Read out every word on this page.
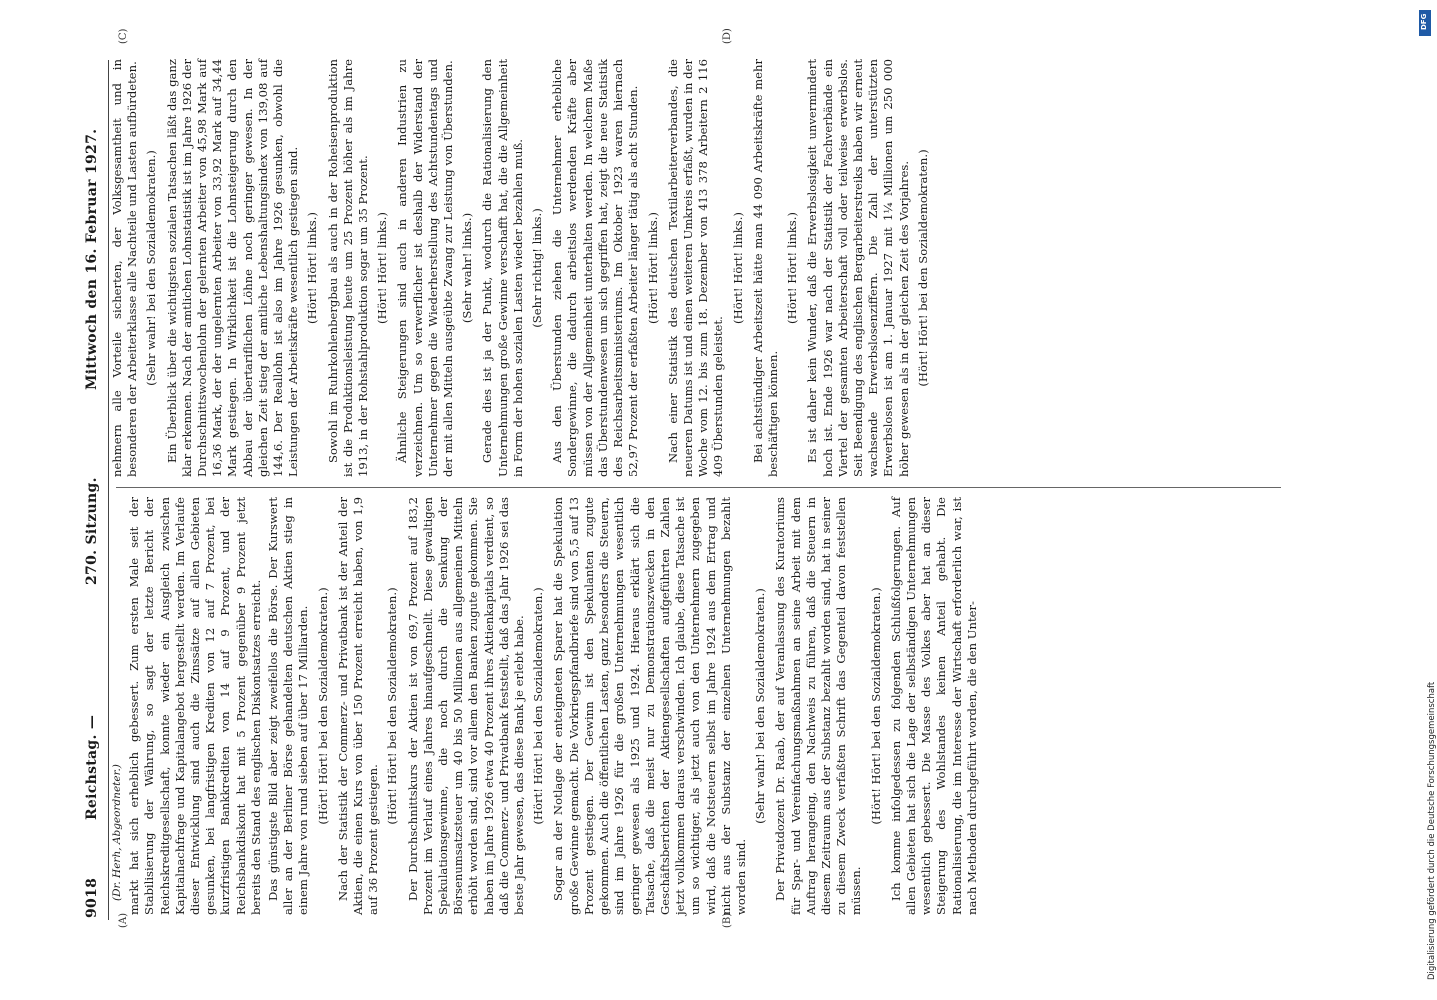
9018
Reichstag. —
270. Sitzung.
Mittwoch den 16. Februar 1927.
(A)	(B)
(C)	(D)

(Dr. Herh, Abgeordneter.) markt hat sich erheblich gebessert. Zum ersten Male seit der Stabilisierung der Währung, so sagt der letzte Bericht der Reichskreditgesellschaft, konnte wieder ein Ausgleich zwischen Kapitalnachfrage und Kapitalangebot hergestellt werden. Im Verlaufe dieser Entwicklung sind auch die Zinssätze auf allen Gebieten gesunken, bei langfristigen Krediten von 12 auf 7 Prozent, bei kurzfristigen Bankkrediten von 14 auf 9 Prozent, und der Reichsbankdiskont hat mit 5 Prozent gegenüber 9 Prozent jetzt bereits den Stand des englischen Diskontsatzes erreicht. Das günstigste Bild aber zeigt zweifellos die Börse. Der Kurswert aller an der Berliner Börse gehandelten deutschen Aktien stieg in einem Jahre von rund sieben auf über 17 Milliarden. (Hört! Hört! bei den Sozialdemokraten.) Nach der Statistik der Commerz- und Privatbank ist der Anteil der Aktien, die einen Kurs von über 150 Prozent erreicht haben, von 1,9 auf 36 Prozent gestiegen.

(Hört! Hört! bei den Sozialdemokraten.) Der Durchschnittskurs der Aktien ist von 69,7 Prozent auf 183,2 Prozent im Verlauf eines Jahres hinaufgeschnellt. Diese gewaltigen Spekulationsgewinne, die noch durch die Senkung der Börsenumsatzsteuer um 40 bis 50 Millionen aus allgemeinen Mitteln erhöht worden sind, sind vor allem den Banken zugute gekommen. Sie haben im Jahre 1926 etwa 40 Prozent ihres Aktienkapitals verdient, so daß die Commerz- und Privatbank feststellt, daß das Jahr 1926 sei das beste Jahr gewesen, das diese Bank je erlebt habe. (Hört! Hört! bei den Sozialdemokraten.) Sogar an der Notlage der enteigneten Sparer hat die Spekulation große Gewinne gemacht. Die Vorkriegspfandbriefe sind von 5,5 auf 13 Prozent gestiegen. Der Gewinn ist den Spekulanten zugute gekommen. Auch die öffentlichen Lasten, ganz besonders die Steuern, sind im Jahre 1926 für die großen Unternehmungen wesentlich geringer gewesen als 1925 und 1924. Hieraus erklärt sich die Tatsache, daß die meist nur zu Demonstrationszwecken in den Geschäftsberichten der Aktiengesellschaften aufgeführten Zahlen jetzt vollkommen daraus verschwinden. Ich glaube, diese Tatsache ist um so wichtiger, als jetzt auch von den Unternehmern zugegeben wird, daß die Notsteuern selbst im Jahre 1924 aus dem Ertrag und nicht aus der Substanz der einzelnen Unternehmungen bezahlt worden sind.

(Sehr wahr! bei den Sozialdemokraten.) Der Privatdozent Dr. Raab, der auf Veranlassung des Kuratoriums für Spar- und Vereinfachungsmaßnahmen an seine Arbeit mit dem Auftrag herangeing, den Nachweis zu führen, daß die Steuern in diesem Zeitraum aus der Substanz bezahlt worden sind, hat in seiner zu diesem Zweck verfaßten Schrift das Gegenteil davon feststellen müssen.

(Hört! Hört! bei den Sozialdemokraten.) Ich komme infolgedessen zu folgenden Schlußfolgerungen. Auf allen Gebieten hat sich die Lage der selbständigen Unternehmungen wesentlich gebessert. Die Masse des Volkes aber hat an dieser Steigerung des Wohlstandes keinen Anteil gehabt. Die Rationalisierung, die im Interesse der Wirtschaft erforderlich war, ist nach Methoden durchgeführt worden, die den Unter-

nehmern alle Vorteile sicherten, der Volksgesamtheit und in besonderen der Arbeiterklasse alle Nachteile und Lasten aufbürdeten. (Sehr wahr! bei den Sozialdemokraten.) Ein Überblick über die wichtigsten sozialen Tatsachen läßt das ganz klar erkennen. Nach der amtlichen Lohnstatistik ist im Jahre 1926 der Durchschnittswochenlohn der gelernten Arbeiter von 45,98 Mark auf 16,36 Mark, der der ungelernten Arbeiter von 33,92 Mark auf 34,44 Mark gestiegen. In Wirklichkeit ist die Lohnsteigerung durch den Abbau der übertariflichen Löhne noch geringer gewesen. In der gleichen Zeit stieg der amtliche Lebenshaltungsindex von 139,08 auf 144,6. Der Reallohn ist also im Jahre 1926 gesunken, obwohl die Leistungen der Arbeitskräfte wesentlich gestiegen sind. (Hört! Hört! links.) Sowohl im Ruhrkohlenbergbau als auch in der Roheisenproduktion ist die Produktionsleistung heute um 25 Prozent höher als im Jahre 1913, in der Rohstahlproduktion sogar um 35 Prozent. (Hört! Hört! links.) Ähnliche Steigerungen sind auch in anderen Industrien zu verzeichnen. Um so verwerflicher ist deshalb der Widerstand der Unternehmer gegen die Wiederherstellung des Achtstundentags und der mit allen Mitteln ausgeübte Zwang zur Leistung von Überstunden. (Sehr wahr! links.) Gerade dies ist ja der Punkt, wodurch die Rationalisierung den Unternehmungen große Gewinne verschafft hat, die die Allgemeinheit in Form der hohen sozialen Lasten wieder bezahlen muß. (Sehr richtig! links.) Aus den Überstunden ziehen die Unternehmer erhebliche Sondergewinne, die dadurch arbeitslos werdenden Kräfte aber müssen von der Allgemeinheit unterhalten werden. In welchem Maße das Überstundenwesen um sich gegriffen hat, zeigt die neue Statistik des Reichsarbeitsministeriums. Im Oktober 1923 waren hiernach 52,97 Prozent der erfaßten Arbeiter länger tätig als acht Stunden. (Hört! Hört! links.) Nach einer Statistik des deutschen Textilarbeiterverbandes, die neueren Datums ist und einen weiteren Umkreis erfaßt, wurden in der Woche vom 12. bis zum 18. Dezember von 413 378 Arbeitern 2 116 409 Überstunden geleistet.

(Hört! Hört! links.) Bei achtstündiger Arbeitszeit hätte man 44 090 Arbeitskräfte mehr beschäftigen können.

(Hört! Hört! links.) Es ist daher kein Wunder, daß die Erwerbslosigkeit unvermindert hoch ist. Ende 1926 war nach der Statistik der Fachverbände ein Viertel der gesamten Arbeiterschaft voll oder teilweise erwerbslos. Seit Beendigung des englischen Bergarbeiterstreiks haben wir erneut wachsende Erwerbslosenziffern. Die Zahl der unterstützten Erwerbslosen ist am 1. Januar 1927 mit 1¼ Millionen um 250 000 höher gewesen als in der gleichen Zeit des Vorjahres. (Hört! Hört! bei den Sozialdemokraten.)

DFG
Digitalisierung gefördert durch die Deutsche Forschungsgemeinschaft
